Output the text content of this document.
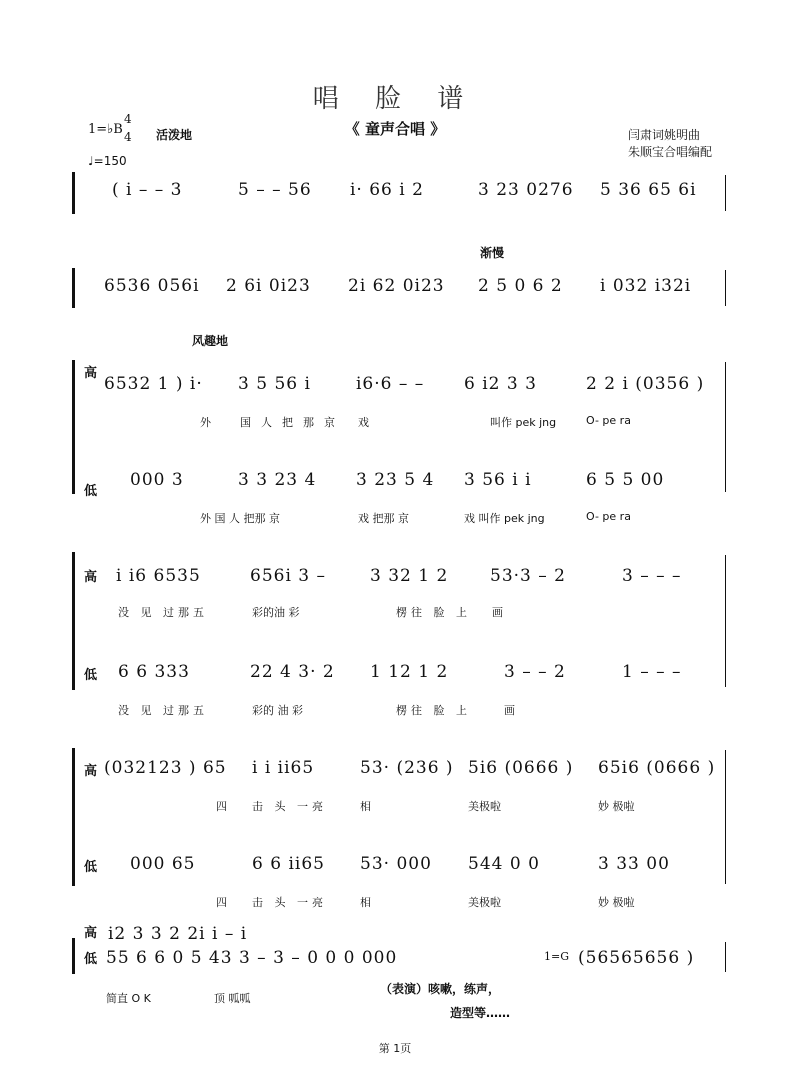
唱 脸 谱
《 童声合唱 》
1=♭B
4
4 活泼地
♩=150
闫肃词姚明曲
朱顺宝合唱编配
( i – – 3	5 – – 56 i· 66 i 2	3 23 0276 5 36 65 6i
渐慢
6536 056i 2 6i 0i23 2i 62 0i23 2 5 0 6 2 i 032 i32i
风趣地
高
低
6532 1 ) i· 3 5 56 i	i6·6 – – 6 i2 3 3	2 2 i (0356 )
外	国人把那京 戏	叫作 pek jng	O- pe ra
000 3	3 3 23 4 3 23 5 4 3 56 i i	6 5 5 00
外 国 人 把那 京	戏 把那 京	戏 叫作 pek jng	O- pe ra
高
低
i i6 6535	656i 3 –	3 32 1 2 53·3 – 2	3 – – –
没 见 过那五	彩的油 彩	楞往 脸 上 画
6 6 333	22 4 3· 2 1 12 1 2	3 – – 2	1 – – –
没 见 过那五	彩的 油 彩	楞往 脸 上	画
高
低
(032123 ) 65 i i ii65	53· (236 ) 5i6 (0666 ) 65i6 (0666 )
四 击 头 一亮	相	美极啦	妙 极啦
000 65	6 6 ii65 53· 000 544 0 0	3 33 00
四 击 头 一亮	相	美极啦	妙 极啦
高
低
i2 3 3 2 2i i – i
55 6 6 0 5 43 3 – 3 – 0 0 0 000	1=G (56565656 )
简直 O K	顶 呱呱
（表演）咳嗽，练声，
造型等……
第 1页
